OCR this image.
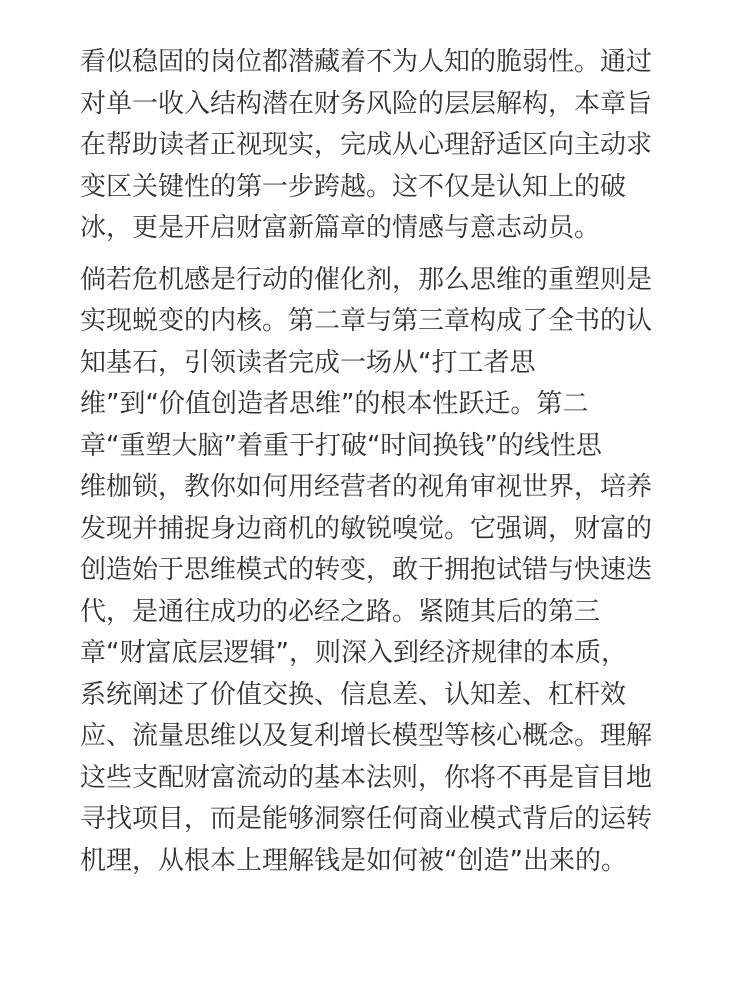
看似稳固的岗位都潜藏着不为人知的脆弱性。通过
对单一收入结构潜在财务风险的层层解构，本章旨
在帮助读者正视现实，完成从心理舒适区向主动求
变区关键性的第一步跨越。这不仅是认知上的破
冰，更是开启财富新篇章的情感与意志动员。
倘若危机感是行动的催化剂，那么思维的重塑则是
实现蜕变的内核。第二章与第三章构成了全书的认
知基石，引领读者完成一场从“打工者思
维”到“价值创造者思维”的根本性跃迁。第二
章“重塑大脑”着重于打破“时间换钱”的线性思
维枷锁，教你如何用经营者的视角审视世界，培养
发现并捕捉身边商机的敏锐嗅觉。它强调，财富的
创造始于思维模式的转变，敢于拥抱试错与快速迭
代，是通往成功的必经之路。紧随其后的第三
章“财富底层逻辑”，则深入到经济规律的本质，
系统阐述了价值交换、信息差、认知差、杠杆效
应、流量思维以及复利增长模型等核心概念。理解
这些支配财富流动的基本法则，你将不再是盲目地
寻找项目，而是能够洞察任何商业模式背后的运转
机理，从根本上理解钱是如何被“创造”出来的。
